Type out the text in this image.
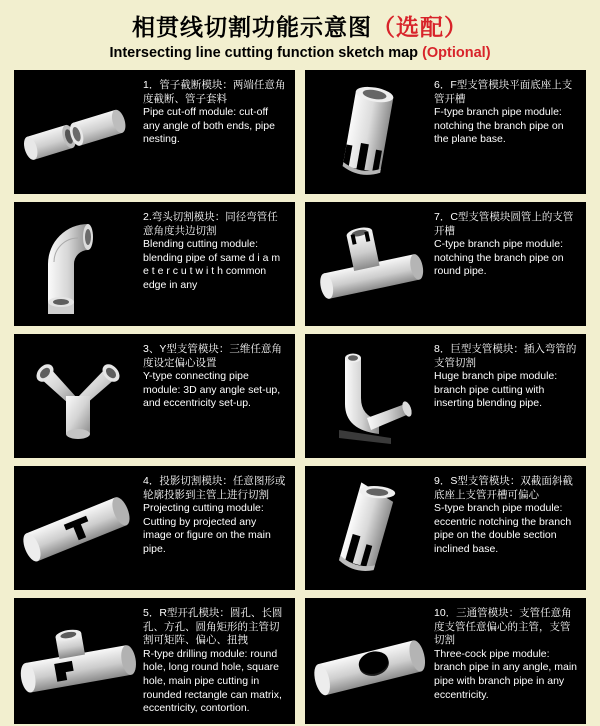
相贯线切割功能示意图（选配）
Intersecting line cutting function sketch map (Optional)
1．管子截断模块：两端任意角度截断、管子套料
Pipe cut-off module: cut-off any angle of both ends, pipe nesting.
6．F型支管模块平面底座上支管开槽
F-type branch pipe module: notching the branch pipe on the plane base.
2.弯头切割模块：同径弯管任意角度共边切割
Blending cutting module: blending pipe of same d i a m e t e r c u t w i t h common edge in any
7．C型支管模块圆管上的支管开槽
C-type branch pipe module: notching the branch pipe on round pipe.
3、Y型支管模块：三维任意角度设定偏心设置
Y-type connecting pipe module: 3D any angle set-up, and eccentricity set-up.
8．巨型支管模块：插入弯管的支管切割
Huge branch pipe module: branch pipe cutting with inserting blending pipe.
4．投影切割模块：任意图形或轮廓投影到主管上进行切割
Projecting cutting module: Cutting by projected any image or figure on the main pipe.
9．S型支管模块：双截面斜截底座上支管开槽可偏心
S-type branch pipe module: eccentric notching the branch pipe on the double section inclined base.
5．R型开孔模块：圆孔、长圆孔、方孔、圆角矩形的主管切割可矩阵、偏心、扭拽
R-type drilling module: round hole, long round hole, square hole, main pipe cutting in rounded rectangle can matrix, eccentricity, contortion.
10．三通管模块：支管任意角度支管任意偏心的主管，支管切割
Three-cock pipe module: branch pipe in any angle, main pipe with branch pipe in any eccentricity.
